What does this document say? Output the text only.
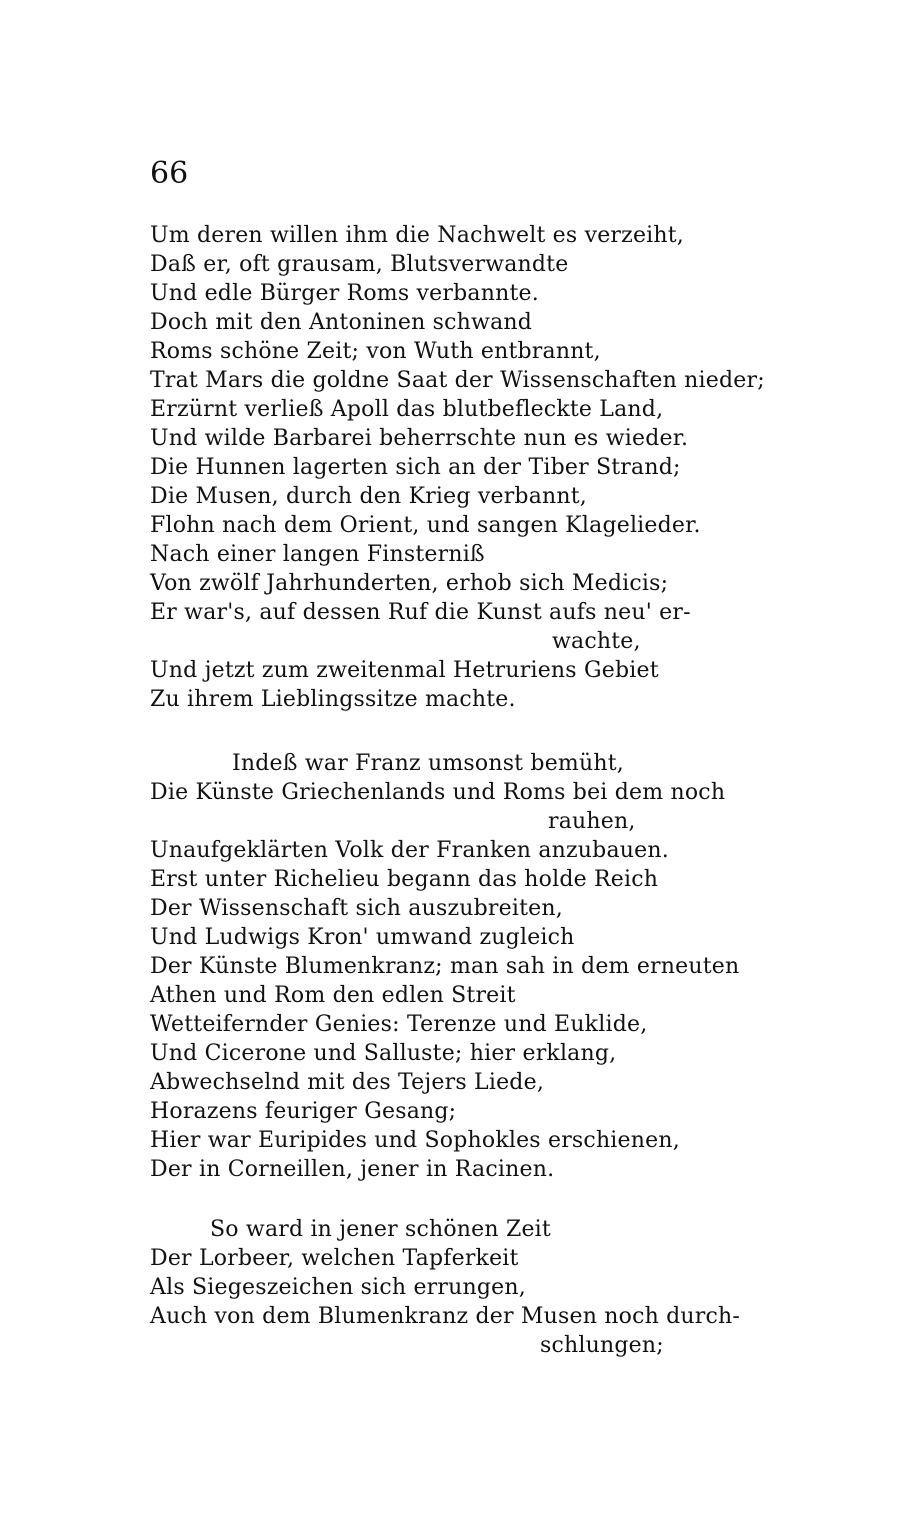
66
Um deren willen ihm die Nachwelt es verzeiht,
Daß er, oft grausam, Blutsverwandte
Und edle Bürger Roms verbannte.
Doch mit den Antoninen schwand
Roms schöne Zeit; von Wuth entbrannt,
Trat Mars die goldne Saat der Wissenschaften nieder;
Erzürnt verließ Apoll das blutbefleckte Land,
Und wilde Barbarei beherrschte nun es wieder.
Die Hunnen lagerten sich an der Tiber Strand;
Die Musen, durch den Krieg verbannt,
Flohn nach dem Orient, und sangen Klagelieder.
Nach einer langen Finsterniß
Von zwölf Jahrhunderten, erhob sich Medicis;
Er war's, auf dessen Ruf die Kunst aufs neu' er-
wachte,
Und jetzt zum zweitenmal Hetruriens Gebiet
Zu ihrem Lieblingssitze machte.
Indeß war Franz umsonst bemüht,
Die Künste Griechenlands und Roms bei dem noch
rauhen,
Unaufgeklärten Volk der Franken anzubauen.
Erst unter Richelieu begann das holde Reich
Der Wissenschaft sich auszubreiten,
Und Ludwigs Kron' umwand zugleich
Der Künste Blumenkranz; man sah in dem erneuten
Athen und Rom den edlen Streit
Wetteifernder Genies: Terenze und Euklide,
Und Cicerone und Salluste; hier erklang,
Abwechselnd mit des Tejers Liede,
Horazens feuriger Gesang;
Hier war Euripides und Sophokles erschienen,
Der in Corneillen, jener in Racinen.
So ward in jener schönen Zeit
Der Lorbeer, welchen Tapferkeit
Als Siegeszeichen sich errungen,
Auch von dem Blumenkranz der Musen noch durch-
schlungen;
